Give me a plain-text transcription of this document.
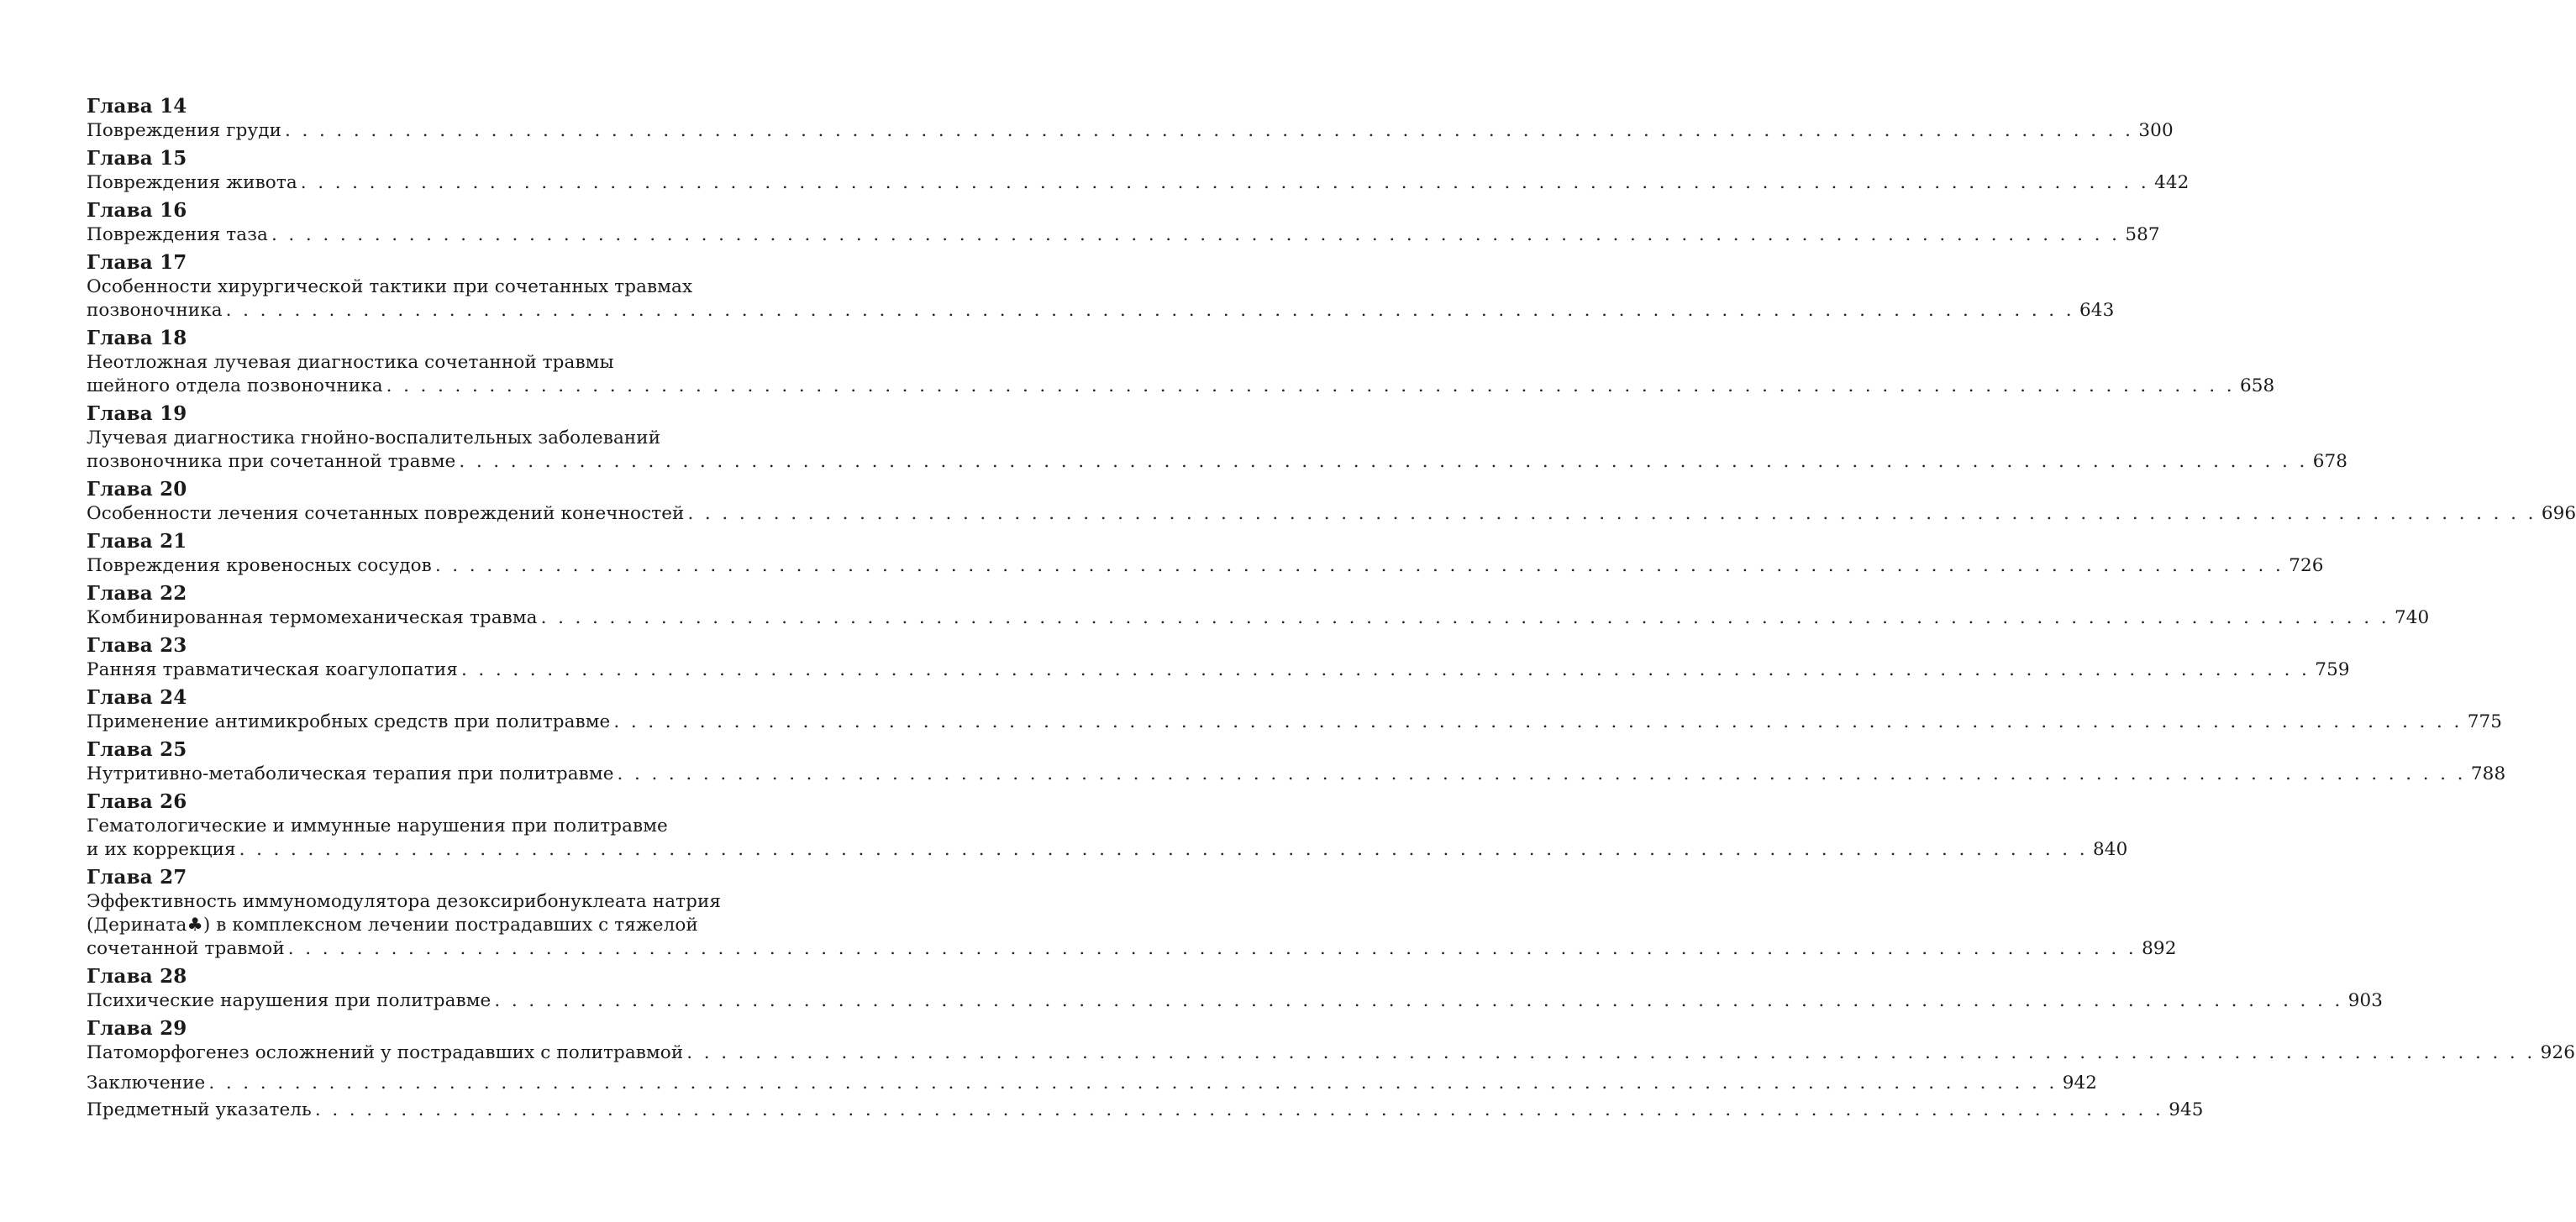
Глава 14
Повреждения груди . . .	300
Глава 15
Повреждения живота . . .	442
Глава 16
Повреждения таза . . .	587
Глава 17
Особенности хирургической тактики при сочетанных травмах
позвоночника . . .	643
Глава 18
Неотложная лучевая диагностика сочетанной травмы
шейного отдела позвоночника . . .	658
Глава 19
Лучевая диагностика гнойно-воспалительных заболеваний
позвоночника при сочетанной травме . . .	678
Глава 20
Особенности лечения сочетанных повреждений конечностей . . .	696
Глава 21
Повреждения кровеносных сосудов . . .	726
Глава 22
Комбинированная термомеханическая травма . . .	740
Глава 23
Ранняя травматическая коагулопатия . . .	759
Глава 24
Применение антимикробных средств при политравме . . .	775
Глава 25
Нутритивно-метаболическая терапия при политравме . . .	788
Глава 26
Гематологические и иммунные нарушения при политравме
и их коррекция . . .	840
Глава 27
Эффективность иммуномодулятора дезоксирибонуклеата натрия
(Дерината♣) в комплексном лечении пострадавших с тяжелой
сочетанной травмой . . .	892
Глава 28
Психические нарушения при политравме . . .	903
Глава 29
Патоморфогенез осложнений у пострадавших с политравмой . . .	926
Заключение . . .	942
Предметный указатель . . .	945
